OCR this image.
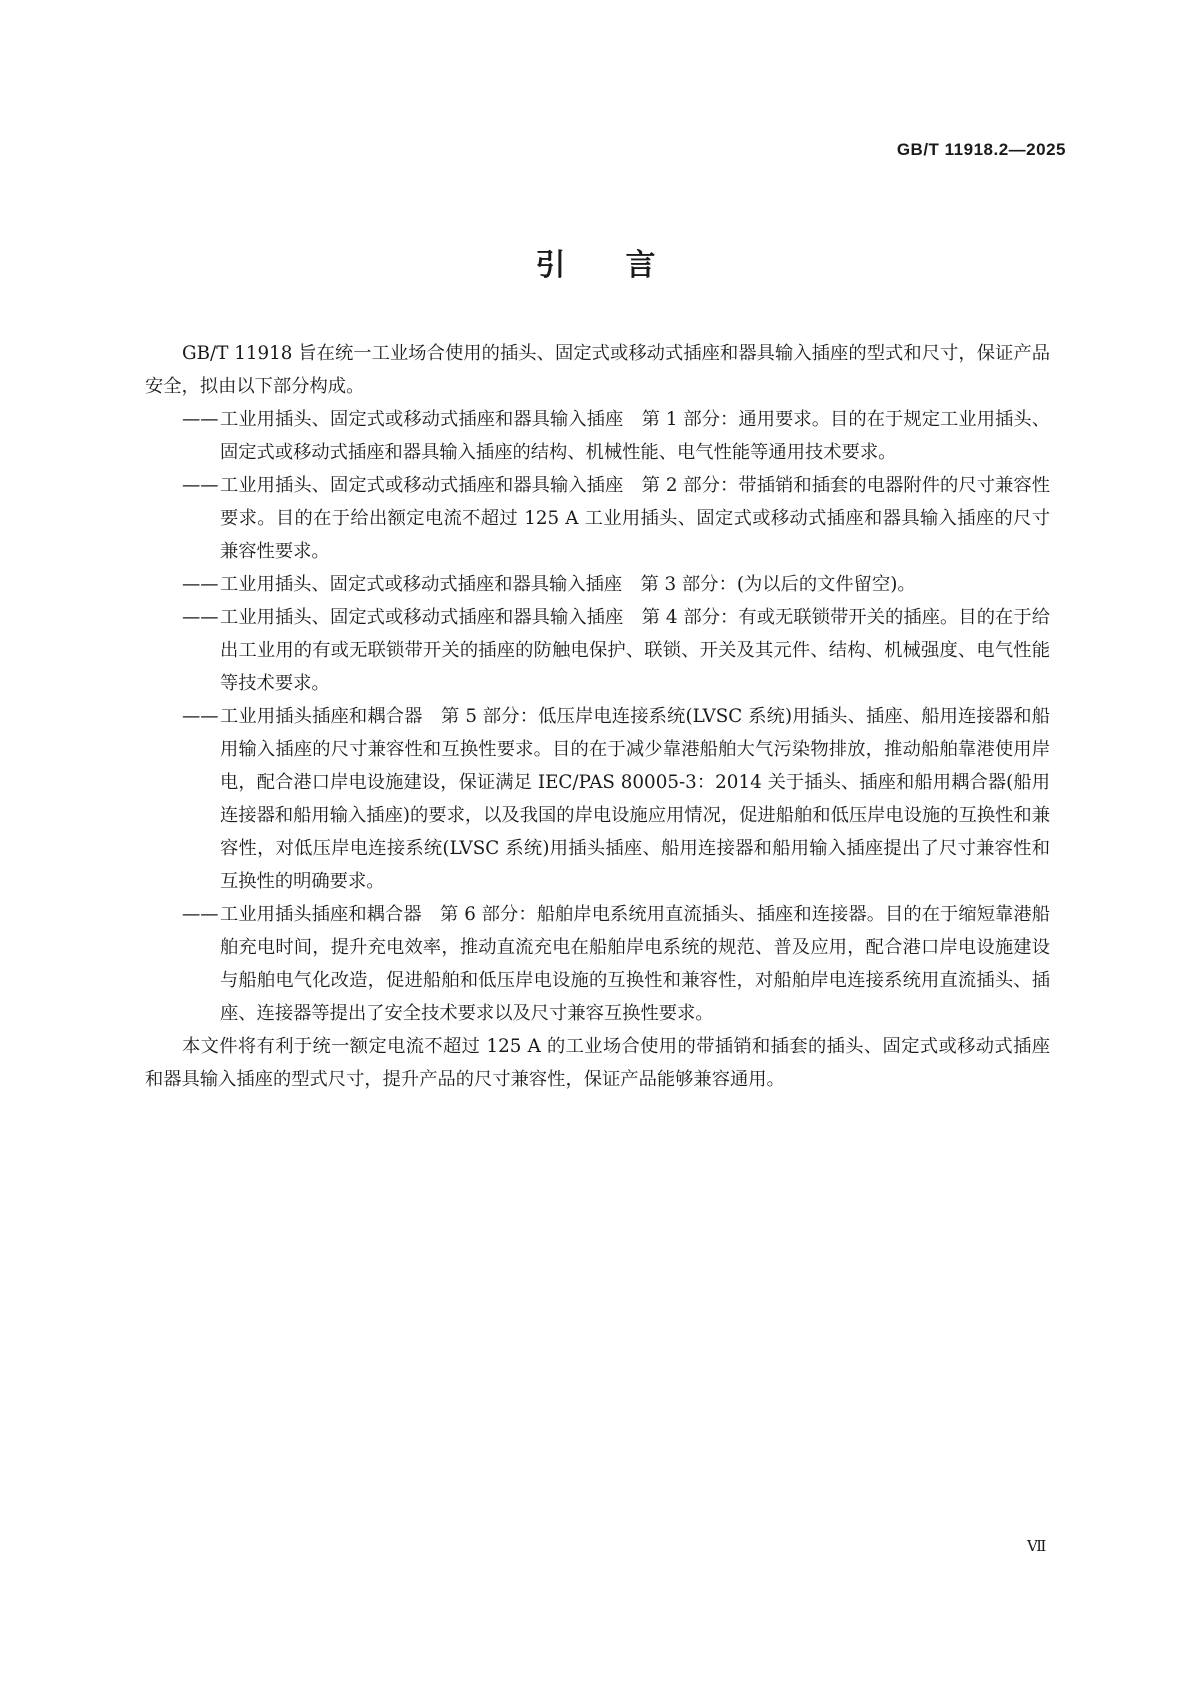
GB/T 11918.2—2025
引言

GB/T 11918 旨在统一工业场合使用的插头、固定式或移动式插座和器具输入插座的型式和尺寸，保证产品安全，拟由以下部分构成。

—— 工业用插头、固定式或移动式插座和器具输入插座　第 1 部分：通用要求。目的在于规定工业用插头、固定式或移动式插座和器具输入插座的结构、机械性能、电气性能等通用技术要求。

—— 工业用插头、固定式或移动式插座和器具输入插座　第 2 部分：带插销和插套的电器附件的尺寸兼容性要求。目的在于给出额定电流不超过 125 A 工业用插头、固定式或移动式插座和器具输入插座的尺寸兼容性要求。

—— 工业用插头、固定式或移动式插座和器具输入插座　第 3 部分：(为以后的文件留空)。

—— 工业用插头、固定式或移动式插座和器具输入插座　第 4 部分：有或无联锁带开关的插座。目的在于给出工业用的有或无联锁带开关的插座的防触电保护、联锁、开关及其元件、结构、机械强度、电气性能等技术要求。

—— 工业用插头插座和耦合器　第 5 部分：低压岸电连接系统(LVSC 系统)用插头、插座、船用连接器和船用输入插座的尺寸兼容性和互换性要求。目的在于减少靠港船舶大气污染物排放，推动船舶靠港使用岸电，配合港口岸电设施建设，保证满足 IEC/PAS 80005-3：2014 关于插头、插座和船用耦合器(船用连接器和船用输入插座)的要求，以及我国的岸电设施应用情况，促进船舶和低压岸电设施的互换性和兼容性，对低压岸电连接系统(LVSC 系统)用插头插座、船用连接器和船用输入插座提出了尺寸兼容性和互换性的明确要求。

—— 工业用插头插座和耦合器　第 6 部分：船舶岸电系统用直流插头、插座和连接器。目的在于缩短靠港船舶充电时间，提升充电效率，推动直流充电在船舶岸电系统的规范、普及应用，配合港口岸电设施建设与船舶电气化改造，促进船舶和低压岸电设施的互换性和兼容性，对船舶岸电连接系统用直流插头、插座、连接器等提出了安全技术要求以及尺寸兼容互换性要求。

本文件将有利于统一额定电流不超过 125 A 的工业场合使用的带插销和插套的插头、固定式或移动式插座和器具输入插座的型式尺寸，提升产品的尺寸兼容性，保证产品能够兼容通用。

Ⅶ
